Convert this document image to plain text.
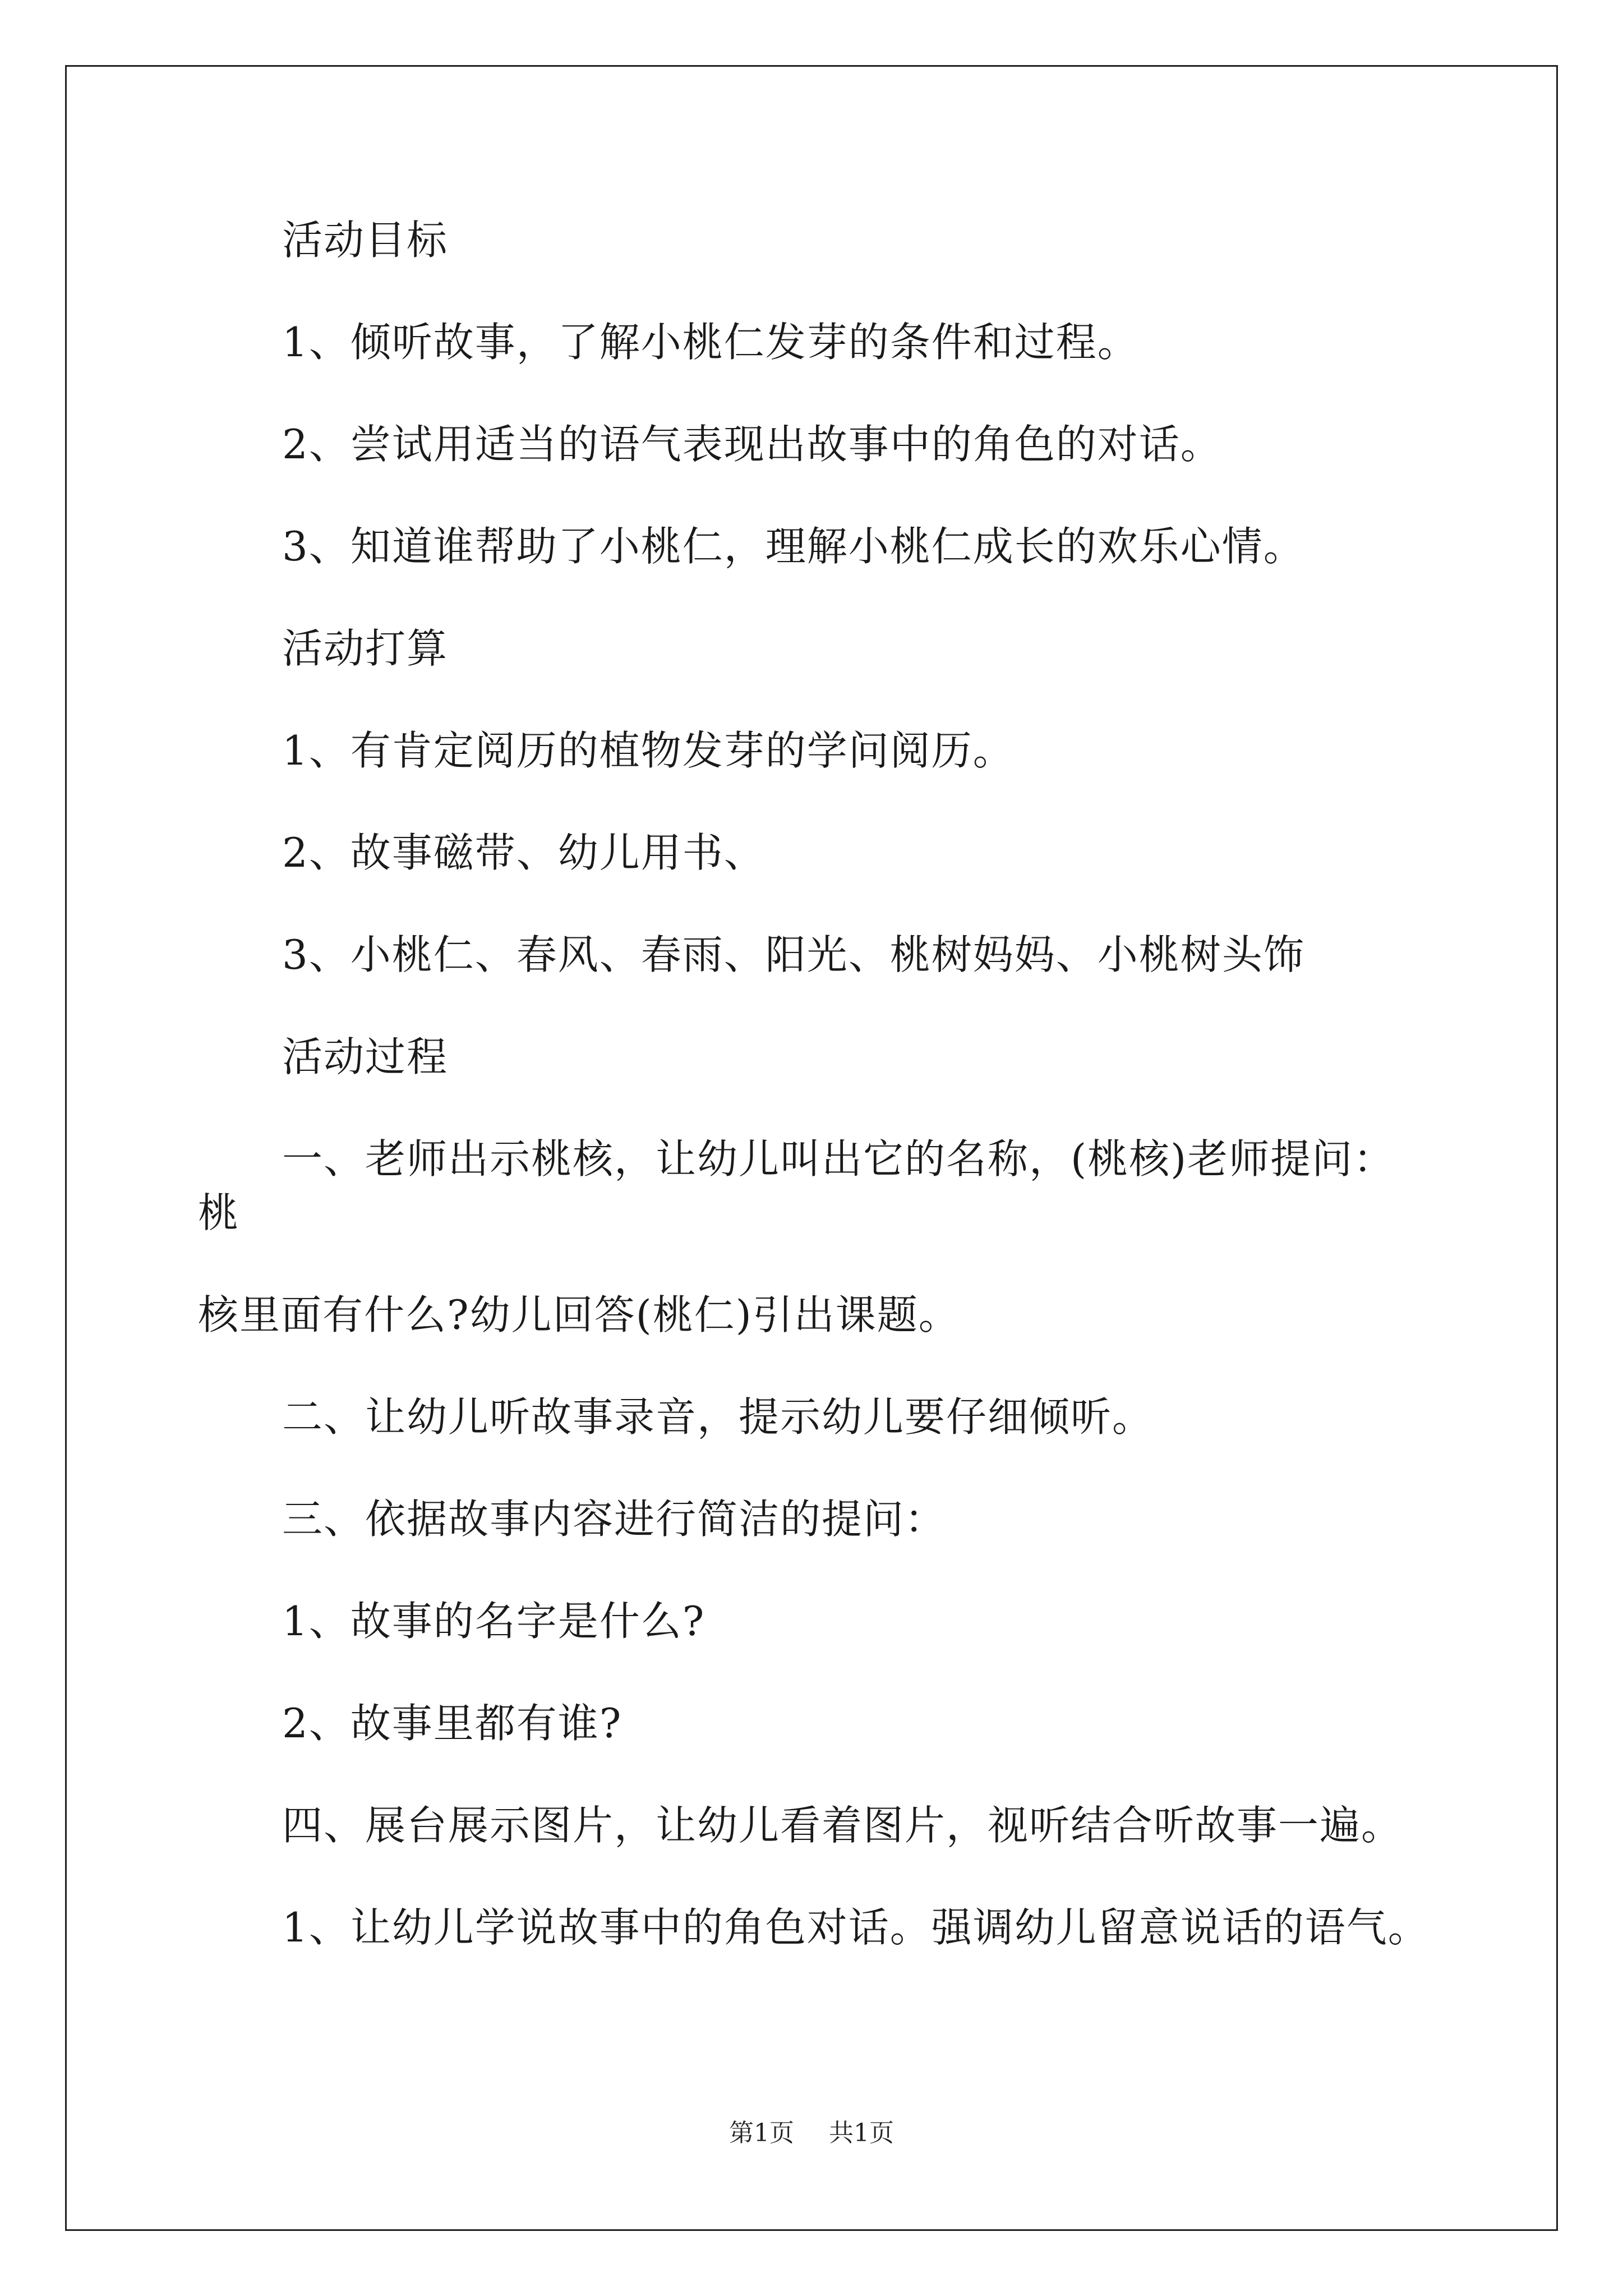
活动目标

1、倾听故事，了解小桃仁发芽的条件和过程。

2、尝试用适当的语气表现出故事中的角色的对话。

3、知道谁帮助了小桃仁，理解小桃仁成长的欢乐心情。

活动打算

1、有肯定阅历的植物发芽的学问阅历。

2、故事磁带、幼儿用书、

3、小桃仁、春风、春雨、阳光、桃树妈妈、小桃树头饰

活动过程

一、老师出示桃核，让幼儿叫出它的名称，(桃核)老师提问：桃
核里面有什么?幼儿回答(桃仁)引出课题。

二、让幼儿听故事录音，提示幼儿要仔细倾听。

三、依据故事内容进行简洁的提问：

1、故事的名字是什么?

2、故事里都有谁?

四、展台展示图片，让幼儿看着图片，视听结合听故事一遍。

1、让幼儿学说故事中的角色对话。强调幼儿留意说话的语气。

第1页 共1页
